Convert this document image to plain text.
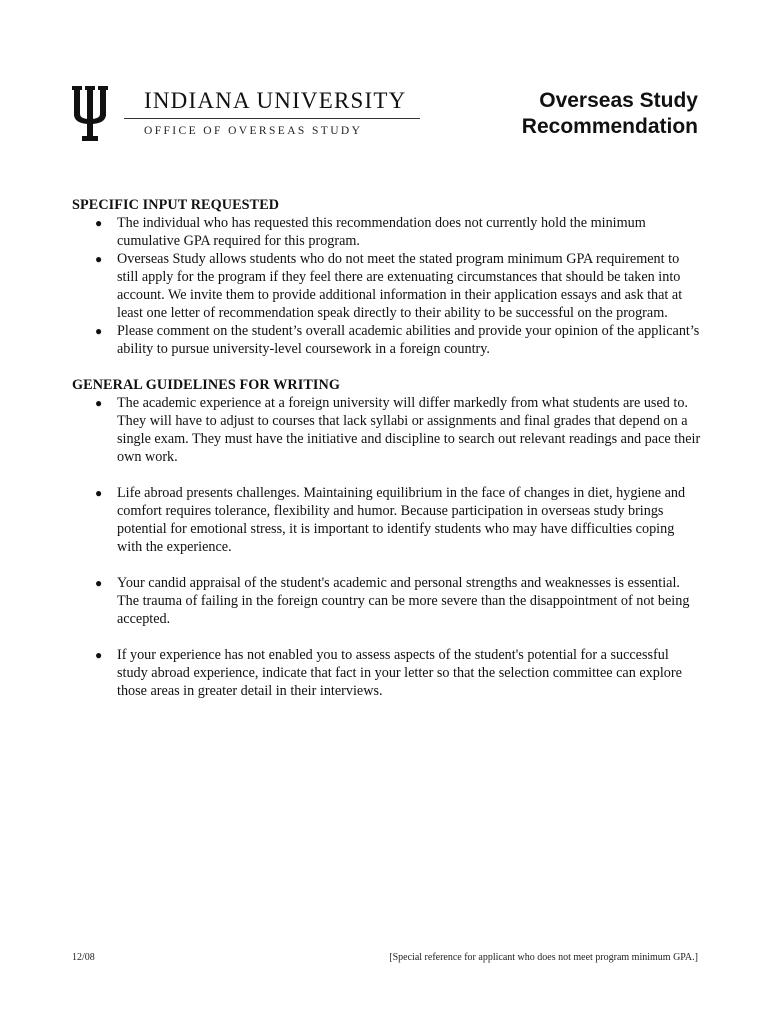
INDIANA UNIVERSITY
OFFICE OF OVERSEAS STUDY
Overseas Study
Recommendation

SPECIFIC INPUT REQUESTED

● The individual who has requested this recommendation does not currently hold the minimum cumulative GPA required for this program.
● Overseas Study allows students who do not meet the stated program minimum GPA requirement to still apply for the program if they feel there are extenuating circumstances that should be taken into account. We invite them to provide additional information in their application essays and ask that at least one letter of recommendation speak directly to their ability to be successful on the program.
● Please comment on the student’s overall academic abilities and provide your opinion of the applicant’s ability to pursue university-level coursework in a foreign country.

GENERAL GUIDELINES FOR WRITING

● The academic experience at a foreign university will differ markedly from what students are used to. They will have to adjust to courses that lack syllabi or assignments and final grades that depend on a single exam. They must have the initiative and discipline to search out relevant readings and pace their own work.
● Life abroad presents challenges. Maintaining equilibrium in the face of changes in diet, hygiene and comfort requires tolerance, flexibility and humor. Because participation in overseas study brings potential for emotional stress, it is important to identify students who may have difficulties coping with the experience.
● Your candid appraisal of the student's academic and personal strengths and weaknesses is essential. The trauma of failing in the foreign country can be more severe than the disappointment of not being accepted.
● If your experience has not enabled you to assess aspects of the student's potential for a successful study abroad experience, indicate that fact in your letter so that the selection committee can explore those areas in greater detail in their interviews.
12/08	[Special reference for applicant who does not meet program minimum GPA.]
